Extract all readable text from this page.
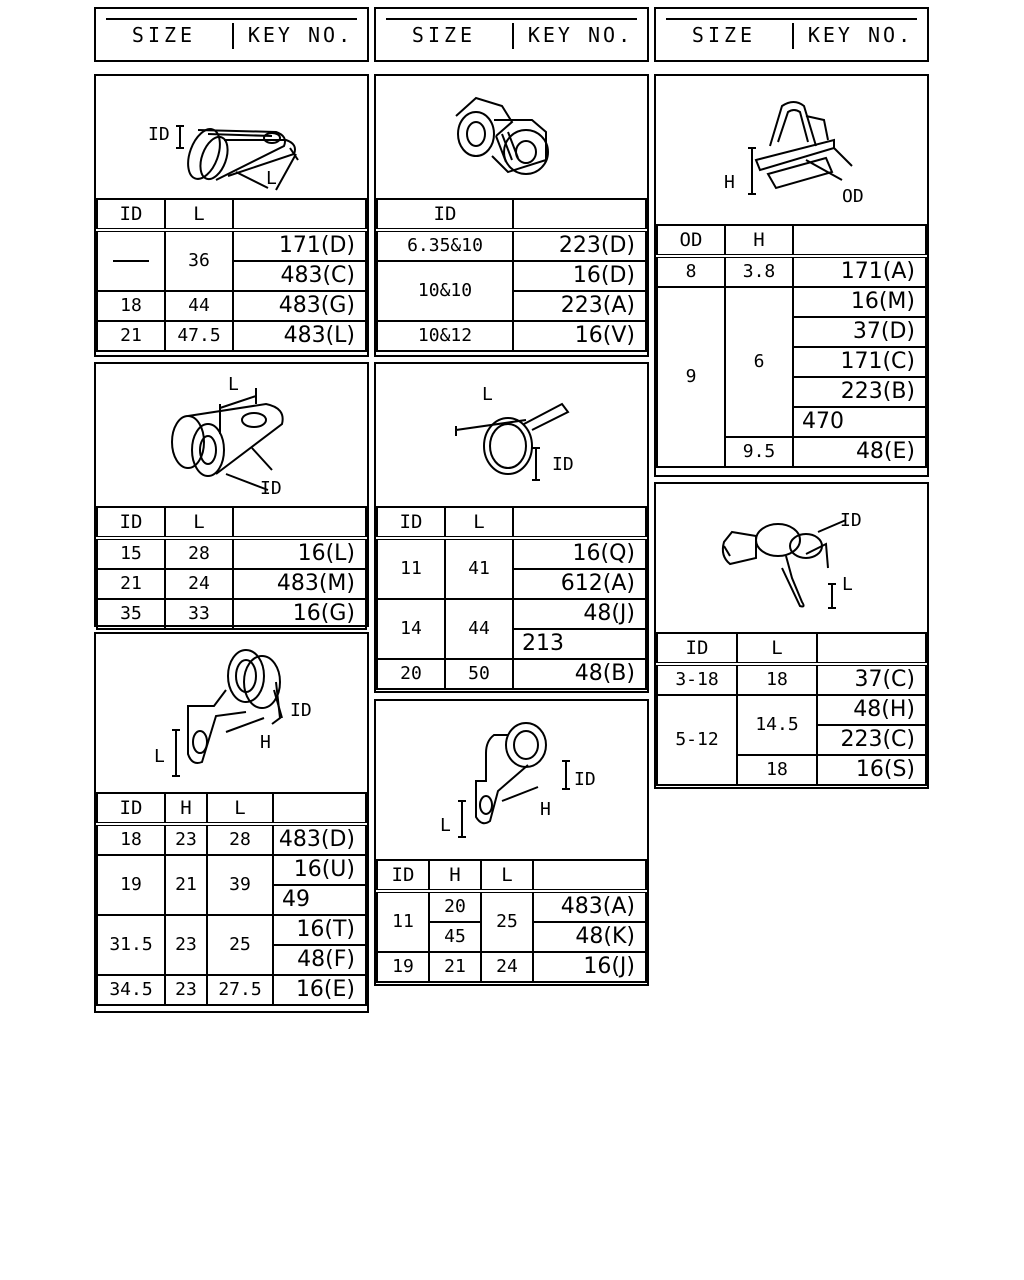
SIZE	KEY NO.	SIZE	KEY NO.	SIZE	KEY NO.
ID
L
ID	L	
	36	171(D)
		483(C)
18	44	483(G)
21	47.5	483(L)
L
ID
ID	L	
15	28	16(L)
21	24	483(M)
35	33	16(G)
ID
H
L
ID	H	L	
18	23	28	483(D)
19	21	39	16(U)
			49
31.5	23	25	16(T)
			48(F)
34.5	23	27.5	16(E)
ID	
6.35&10	223(D)
10&10	16(D)
	223(A)
10&12	16(V)
L
ID
ID	L	
11	41	16(Q)
		612(A)
14	44	48(J)
		213
20	50	48(B)
ID
H
L
ID	H	L	
11	20	25	483(A)
	45		48(K)
19	21	24	16(J)
H
OD
OD	H	
8	3.8	171(A)
9	6	16(M)
		37(D)
		171(C)
		223(B)
		470
	9.5	48(E)
ID
L
ID	L	
3-18	18	37(C)
5-12	14.5	48(H)
		223(C)
	18	16(S)
